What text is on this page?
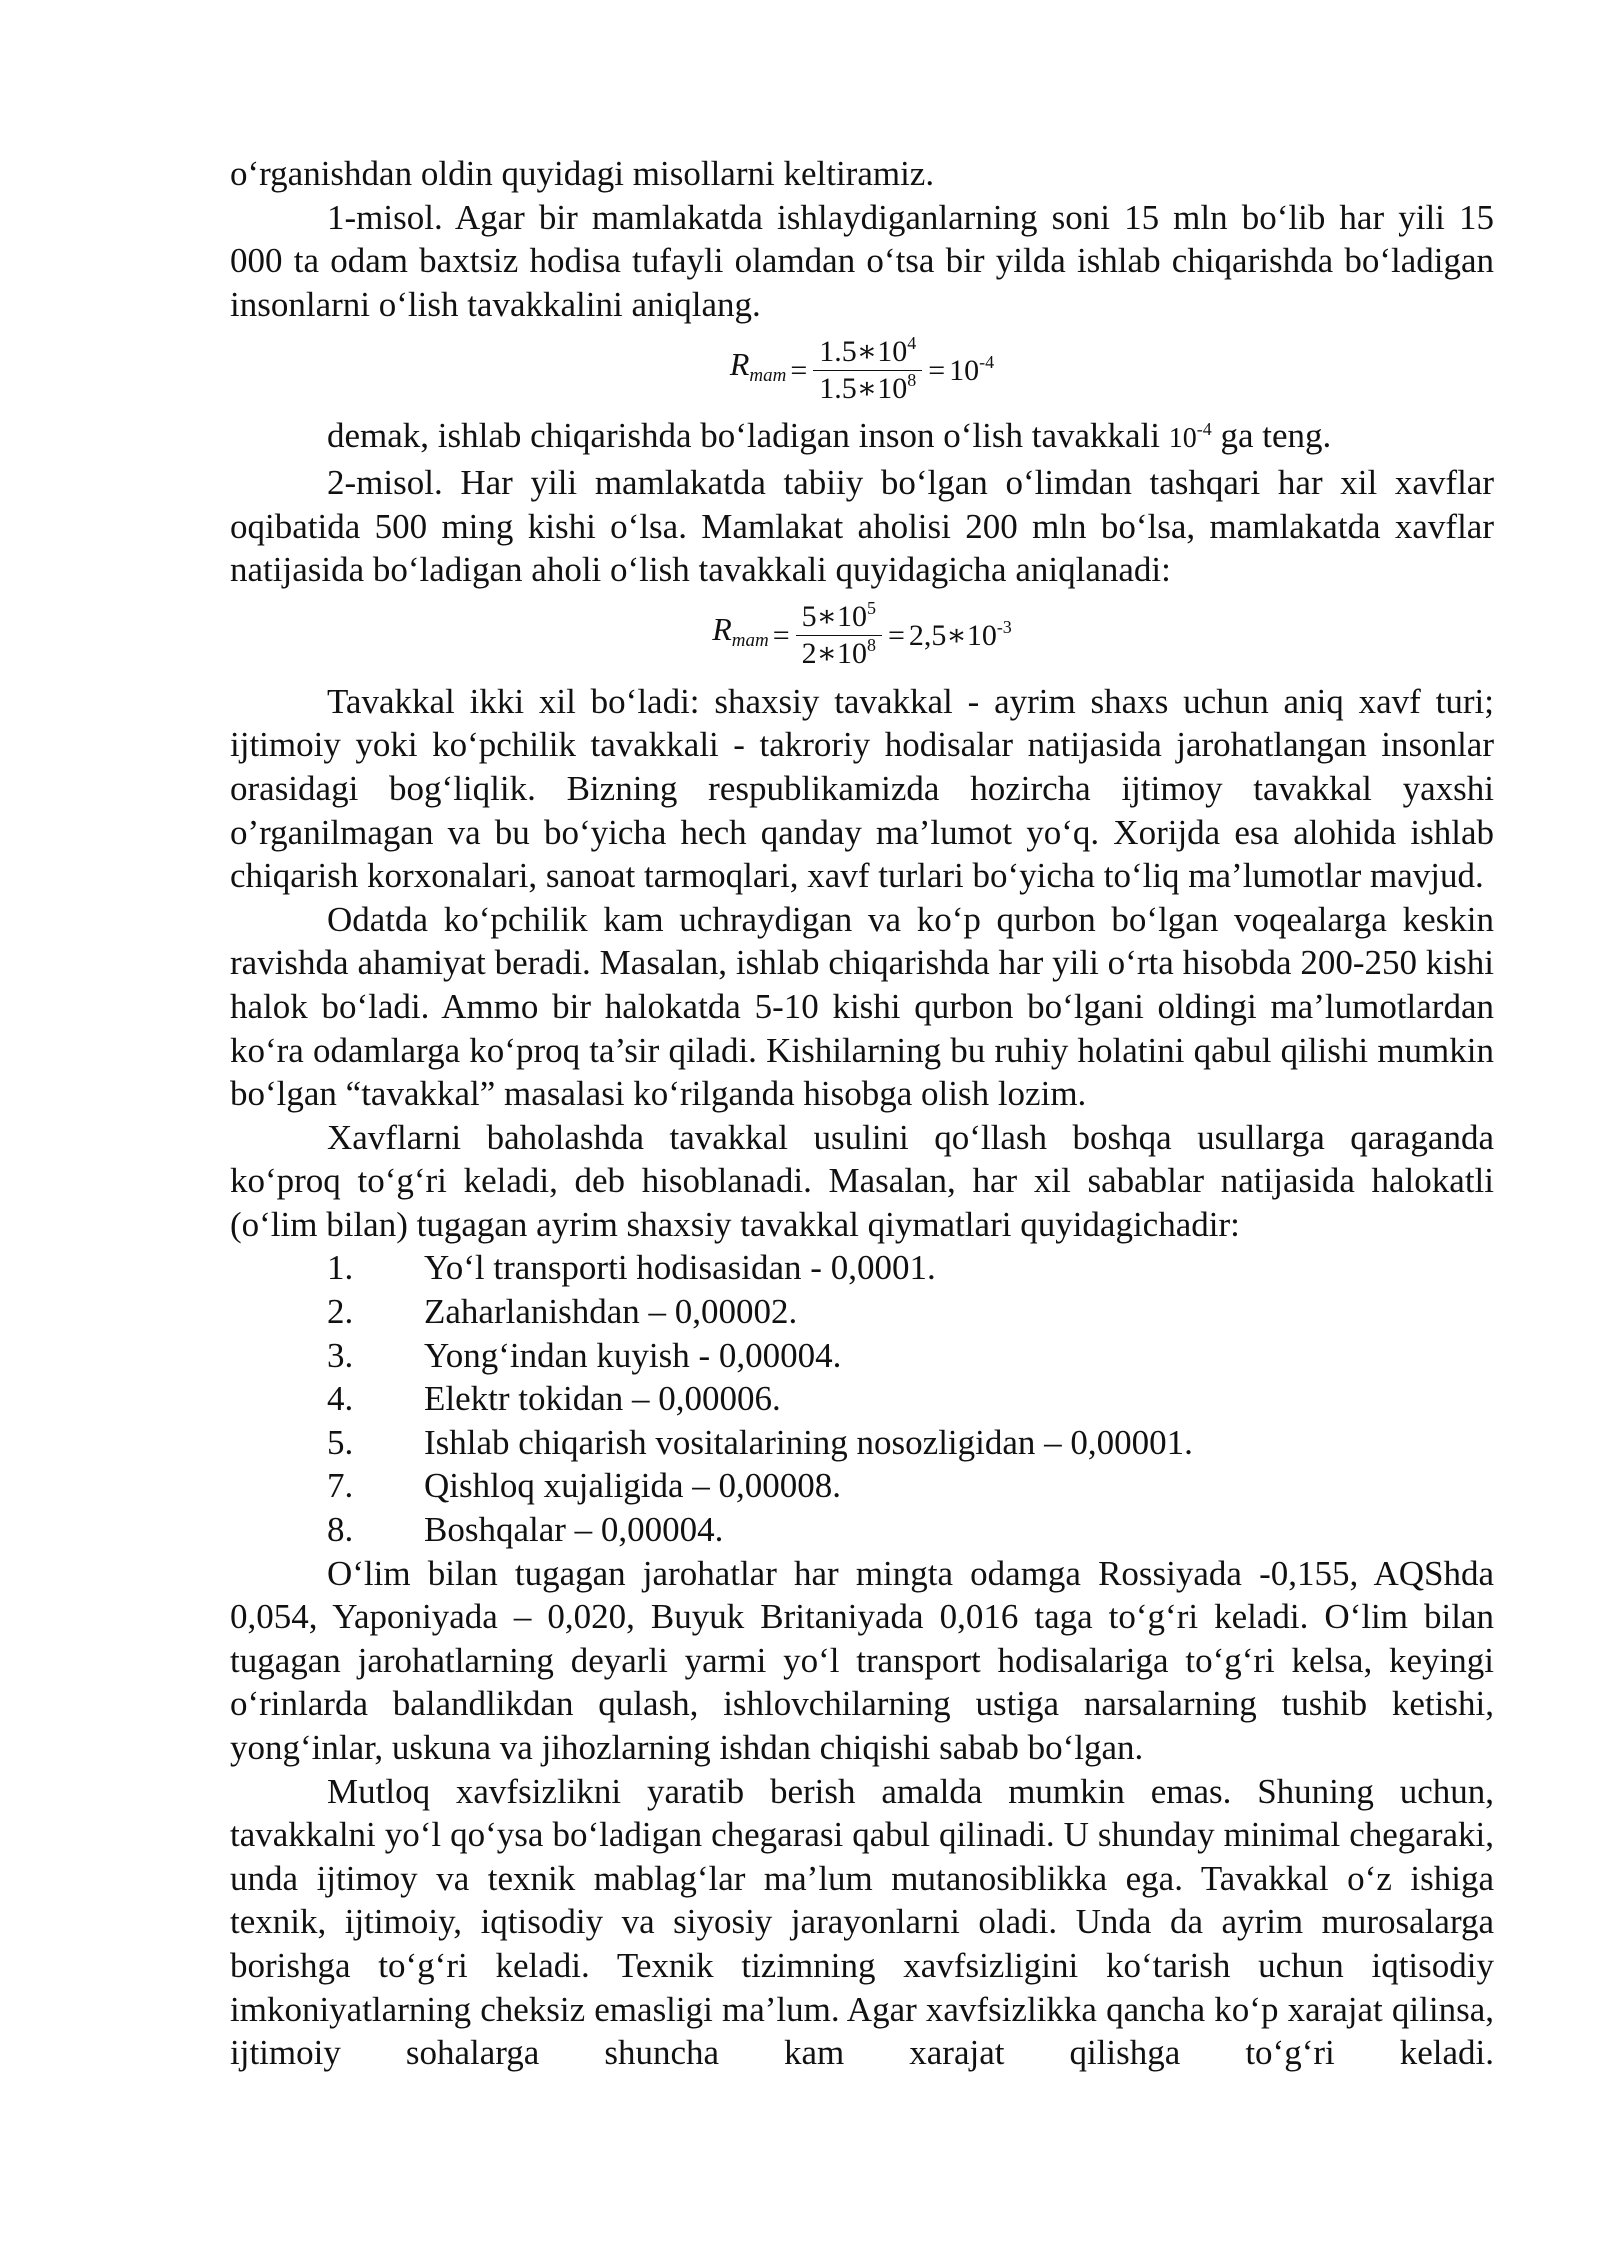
o‘rganishdan oldin quyidagi misollarni keltiramiz.

1-misol. Agar bir mamlakatda ishlaydiganlarning soni 15 mln bo‘lib har yili 15 000 ta odam baxtsiz hodisa tufayli olamdan o‘tsa bir yilda ishlab chiqarishda bo‘ladigan insonlarni o‘lish tavakkalini aniqlang.

$R_{mam} = \frac{1.5∗10^4}{1.5∗10^8} = 10^{-4}$

demak, ishlab chiqarishda bo‘ladigan inson o‘lish tavakkali $10^{-4}$ ga teng.

2-misol. Har yili mamlakatda tabiiy bo‘lgan o‘limdan tashqari har xil xavflar oqibatida 500 ming kishi o‘lsa. Mamlakat aholisi 200 mln bo‘lsa, mamlakatda xavflar natijasida bo‘ladigan aholi o‘lish tavakkali quyidagicha aniqlanadi:

$R_{mam} = \frac{5∗10^5}{2∗10^8}$ = $2,5∗10^{-3}$

Tavakkal ikki xil bo‘ladi: shaxsiy tavakkal - ayrim shaxs uchun aniq xavf turi; ijtimoiy yoki ko‘pchilik tavakkali - takroriy hodisalar natijasida jarohatlangan insonlar orasidagi bog‘liqlik. Bizning respublikamizda hozircha ijtimoy tavakkal yaxshi o’rganilmagan va bu bo‘yicha hech qanday ma’lumot yo‘q. Xorijda esa alohida ishlab chiqarish korxonalari, sanoat tarmoqlari, xavf turlari bo‘yicha to‘liq ma’lumotlar mavjud.

Odatda ko‘pchilik kam uchraydigan va ko‘p qurbon bo‘lgan voqealarga keskin ravishda ahamiyat beradi. Masalan, ishlab chiqarishda har yili o‘rta hisobda 200-250 kishi halok bo‘ladi. Ammo bir halokatda 5-10 kishi qurbon bo‘lgani oldingi ma’lumotlardan ko‘ra odamlarga ko‘proq ta’sir qiladi. Kishilarning bu ruhiy holatini qabul qilishi mumkin bo‘lgan “tavakkal” masalasi ko‘rilganda hisobga olish lozim.

Xavflarni baholashda tavakkal usulini qo‘llash boshqa usullarga qaraganda ko‘proq to‘g‘ri keladi, deb hisoblanadi. Masalan, har xil sabablar natijasida halokatli (o‘lim bilan) tugagan ayrim shaxsiy tavakkal qiymatlari quyidagichadir:

1.	Yo‘l transporti hodisasidan - 0,0001.
2.	Zaharlanishdan – 0,00002.
3.	Yong‘indan kuyish - 0,00004.
4.	Elektr tokidan – 0,00006.
5.	Ishlab chiqarish vositalarining nosozligidan – 0,00001.
7.	Qishloq xujaligida – 0,00008.
8.	Boshqalar – 0,00004.

O‘lim bilan tugagan jarohatlar har mingta odamga Rossiyada -0,155, AQShda 0,054, Yaponiyada – 0,020, Buyuk Britaniyada 0,016 taga to‘g‘ri keladi. O‘lim bilan tugagan jarohatlarning deyarli yarmi yo‘l transport hodisalariga to‘g‘ri kelsa, keyingi o‘rinlarda balandlikdan qulash, ishlovchilarning ustiga narsalarning tushib ketishi, yong‘inlar, uskuna va jihozlarning ishdan chiqishi sabab bo‘lgan.

Mutloq xavfsizlikni yaratib berish amalda mumkin emas. Shuning uchun, tavakkalni yo‘l qo‘ysa bo‘ladigan chegarasi qabul qilinadi. U shunday minimal chegaraki, unda ijtimoy va texnik mablag‘lar ma’lum mutanosiblikka ega. Tavakkal o‘z ishiga texnik, ijtimoiy, iqtisodiy va siyosiy jarayonlarni oladi. Unda da ayrim murosalarga borishga to‘g‘ri keladi. Texnik tizimning xavfsizligini ko‘tarish uchun iqtisodiy imkoniyatlarning cheksiz emasligi ma’lum. Agar xavfsizlikka qancha ko‘p xarajat qilinsa, ijtimoiy sohalarga shuncha kam xarajat qilishga to‘g‘ri keladi.
